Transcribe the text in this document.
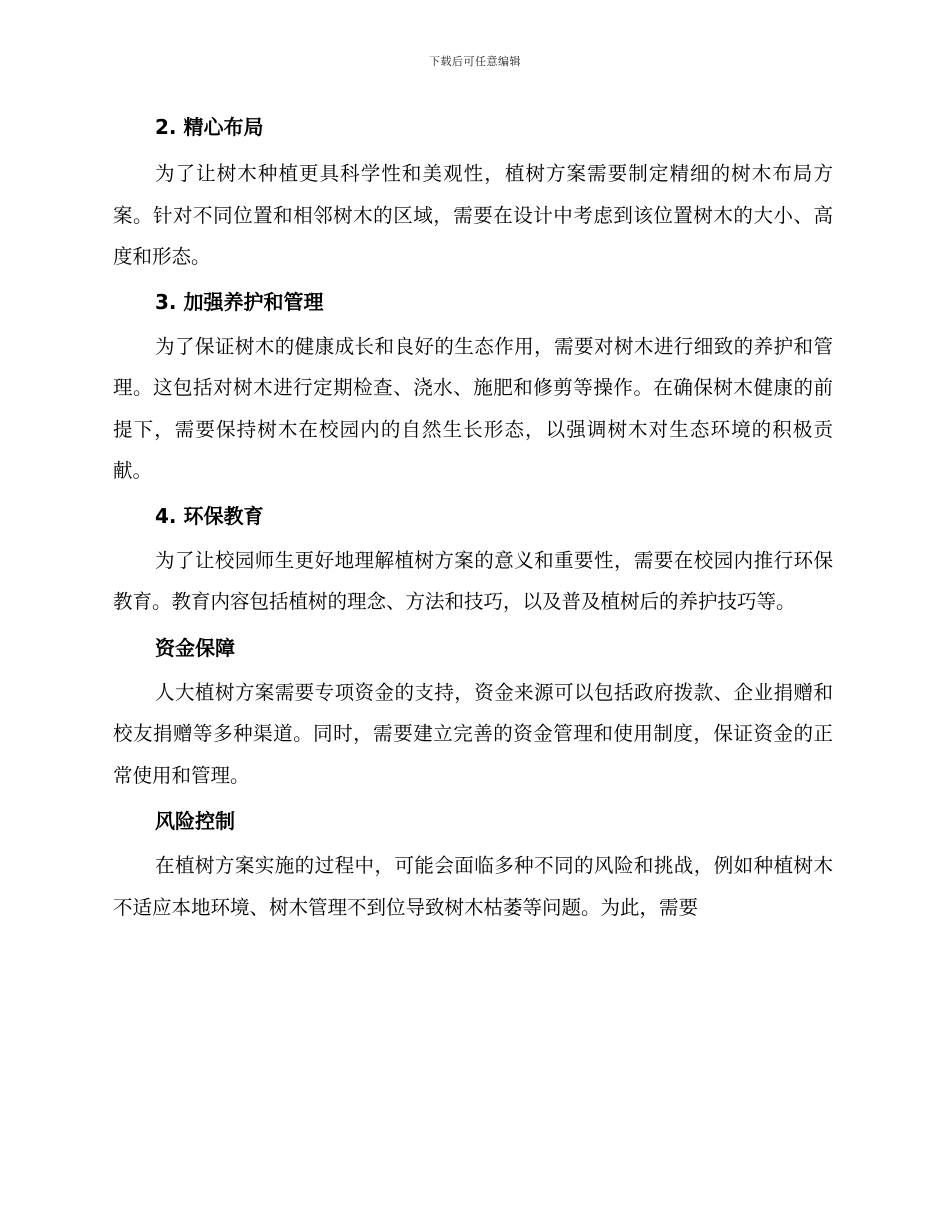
下载后可任意编辑
2. 精心布局

为了让树木种植更具科学性和美观性，植树方案需要制定精细的树木布局方案。针对不同位置和相邻树木的区域，需要在设计中考虑到该位置树木的大小、高度和形态。

3. 加强养护和管理

为了保证树木的健康成长和良好的生态作用，需要对树木进行细致的养护和管理。这包括对树木进行定期检查、浇水、施肥和修剪等操作。在确保树木健康的前提下，需要保持树木在校园内的自然生长形态，以强调树木对生态环境的积极贡献。

4. 环保教育

为了让校园师生更好地理解植树方案的意义和重要性，需要在校园内推行环保教育。教育内容包括植树的理念、方法和技巧，以及普及植树后的养护技巧等。

资金保障

人大植树方案需要专项资金的支持，资金来源可以包括政府拨款、企业捐赠和校友捐赠等多种渠道。同时，需要建立完善的资金管理和使用制度，保证资金的正常使用和管理。

风险控制

在植树方案实施的过程中，可能会面临多种不同的风险和挑战，例如种植树木不适应本地环境、树木管理不到位导致树木枯萎等问题。为此，需要
